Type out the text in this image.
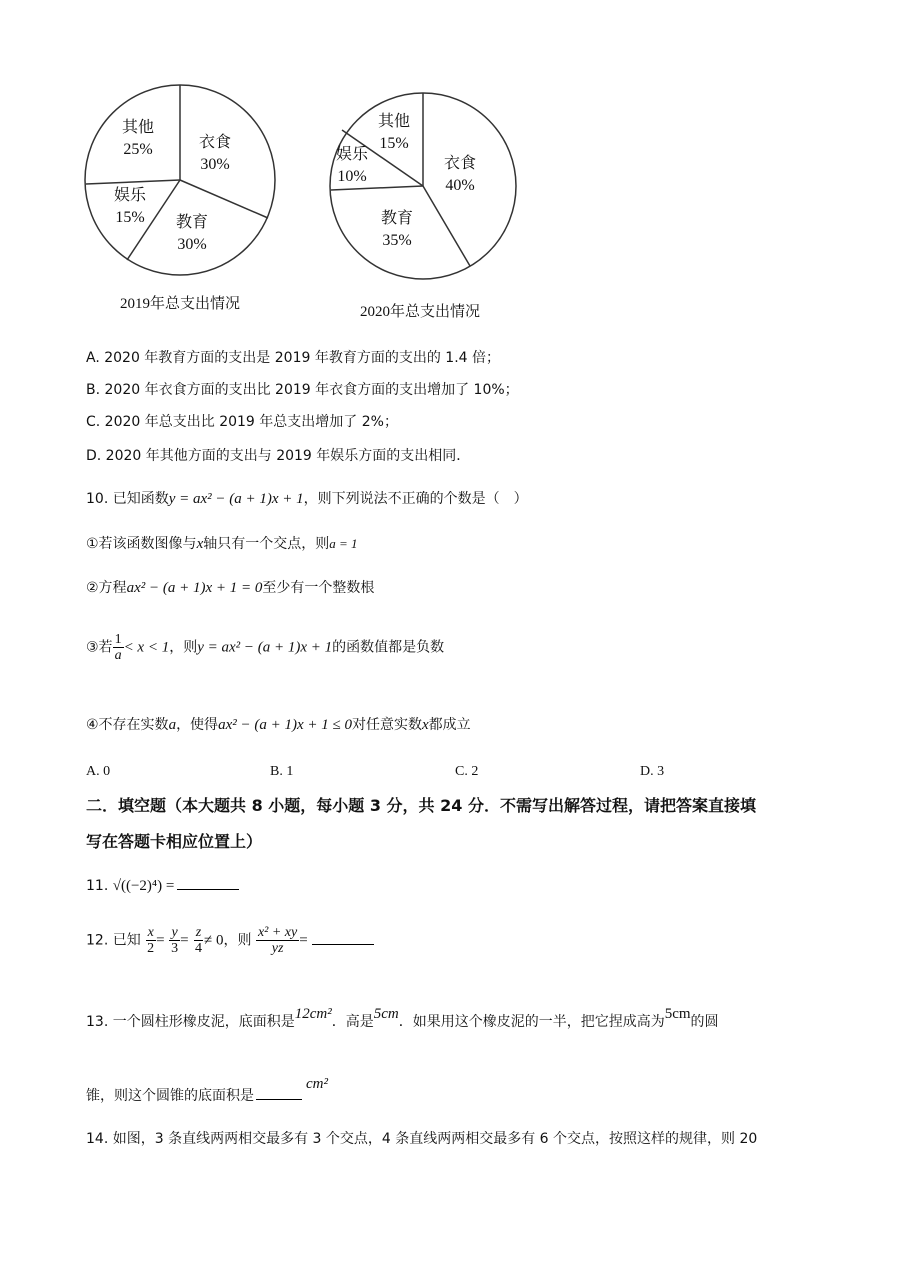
其他
25%	衣食
30%
教育
30%
娱乐
15%
2019年总支出情况
衣食
40%
教育
35%
娱乐
10%
其他
15%
2020年总支出情况
A. 2020 年教育方面的支出是 2019 年教育方面的支出的 1.4 倍；
B. 2020 年衣食方面的支出比 2019 年衣食方面的支出增加了 10%；
C. 2020 年总支出比 2019 年总支出增加了 2%；
D. 2020 年其他方面的支出与 2019 年娱乐方面的支出相同．
10. 已知函数y = ax² − (a + 1)x + 1，则下列说法不正确的个数是（　）
①若该函数图像与x轴只有一个交点，则a = 1
②方程ax² − (a + 1)x + 1 = 0至少有一个整数根
③若 $\frac{1}{a} < x < 1$，则y = ax² − (a + 1)x + 1的函数值都是负数
④不存在实数a，使得ax² − (a + 1)x + 1 ≤ 0对任意实数x都成立
A. 0	B. 1	C. 2	D. 3
二．填空题（本大题共 8 小题，每小题 3 分，共 24 分．不需写出解答过程，请把答案直接填
写在答题卡相应位置上）
11. √((−2)⁴) =
12. 已知 $\frac{x}{2} = \frac{y}{3} = \frac{z}{4} \ne 0$，则 $\frac{\text{x² + xy}}{yz}$ =
13. 一个圆柱形橡皮泥，底面积是12cm²．高是5cm．如果用这个橡皮泥的一半，把它捏成高为5cm的圆
锥，则这个圆锥的底面积是cm²
14. 如图，3 条直线两两相交最多有 3 个交点，4 条直线两两相交最多有 6 个交点，按照这样的规律，则 20
